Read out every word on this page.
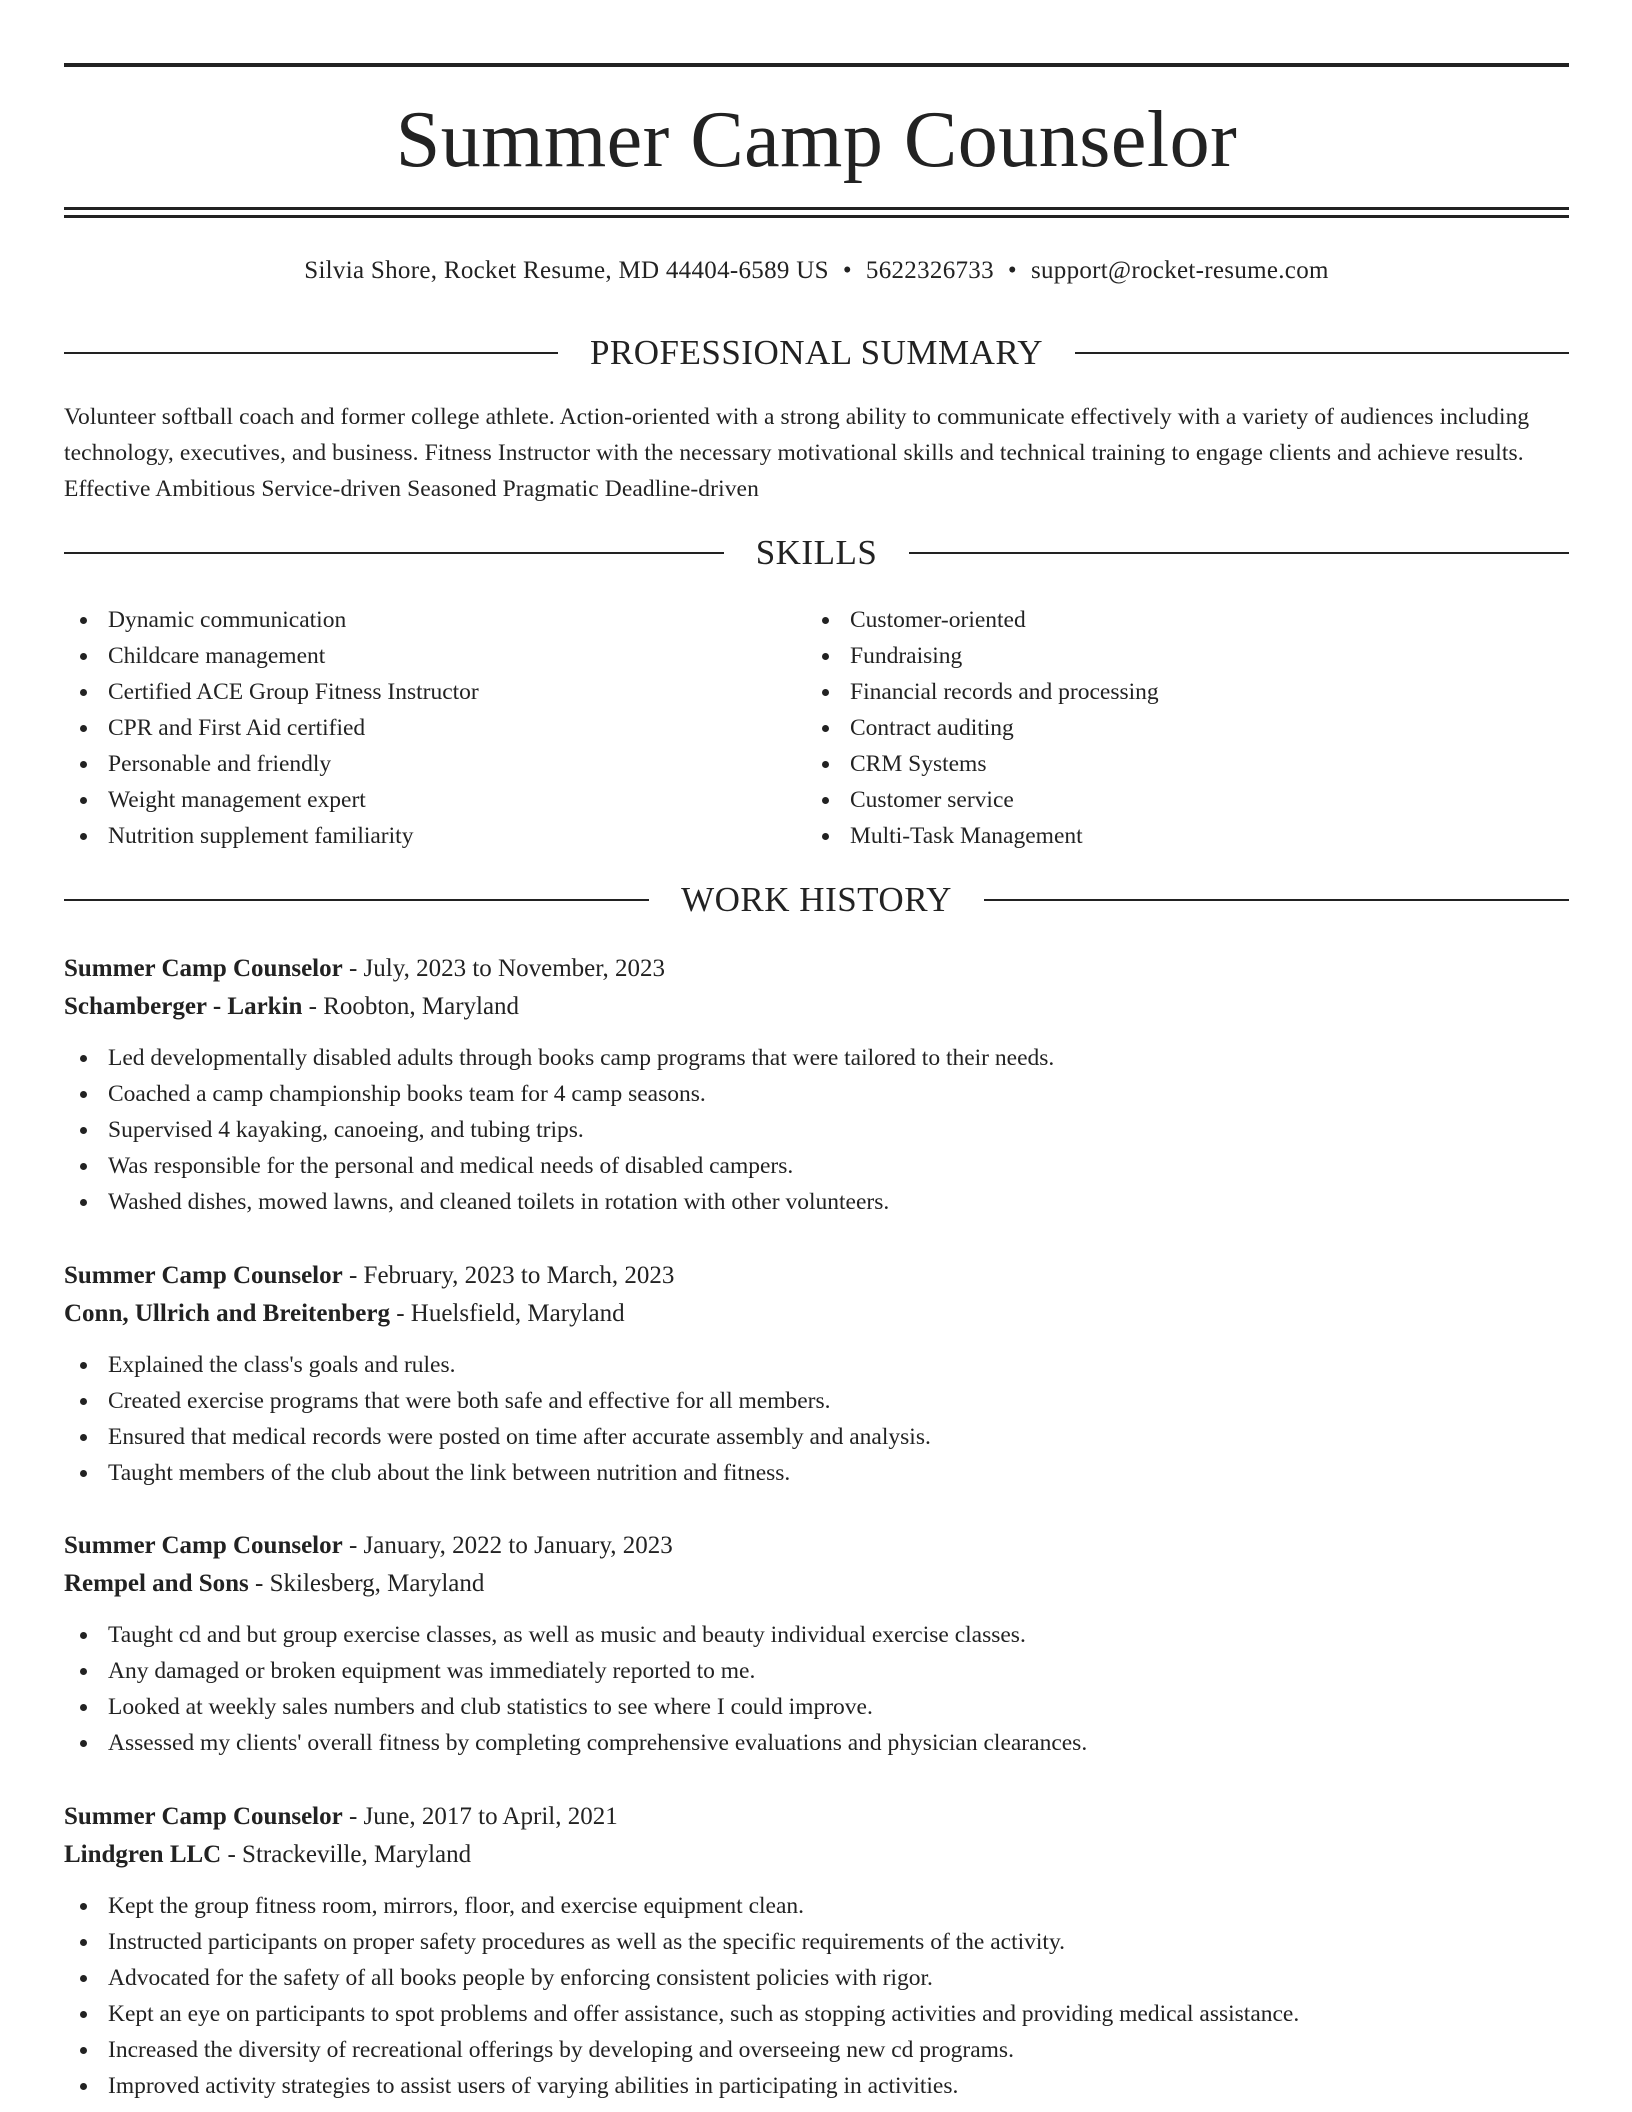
Summer Camp Counselor
Silvia Shore, Rocket Resume, MD 44404-6589 US • 5622326733 • support@rocket-resume.com
PROFESSIONAL SUMMARY
Volunteer softball coach and former college athlete. Action-oriented with a strong ability to communicate effectively with a variety of audiences including technology, executives, and business. Fitness Instructor with the necessary motivational skills and technical training to engage clients and achieve results. Effective Ambitious Service-driven Seasoned Pragmatic Deadline-driven
SKILLS
Dynamic communication
Childcare management
Certified ACE Group Fitness Instructor
CPR and First Aid certified
Personable and friendly
Weight management expert
Nutrition supplement familiarity
Customer-oriented
Fundraising
Financial records and processing
Contract auditing
CRM Systems
Customer service
Multi-Task Management
WORK HISTORY
Summer Camp Counselor - July, 2023 to November, 2023
Schamberger - Larkin - Roobton, Maryland
Led developmentally disabled adults through books camp programs that were tailored to their needs.
Coached a camp championship books team for 4 camp seasons.
Supervised 4 kayaking, canoeing, and tubing trips.
Was responsible for the personal and medical needs of disabled campers.
Washed dishes, mowed lawns, and cleaned toilets in rotation with other volunteers.
Summer Camp Counselor - February, 2023 to March, 2023
Conn, Ullrich and Breitenberg - Huelsfield, Maryland
Explained the class's goals and rules.
Created exercise programs that were both safe and effective for all members.
Ensured that medical records were posted on time after accurate assembly and analysis.
Taught members of the club about the link between nutrition and fitness.
Summer Camp Counselor - January, 2022 to January, 2023
Rempel and Sons - Skilesberg, Maryland
Taught cd and but group exercise classes, as well as music and beauty individual exercise classes.
Any damaged or broken equipment was immediately reported to me.
Looked at weekly sales numbers and club statistics to see where I could improve.
Assessed my clients' overall fitness by completing comprehensive evaluations and physician clearances.
Summer Camp Counselor - June, 2017 to April, 2021
Lindgren LLC - Strackeville, Maryland
Kept the group fitness room, mirrors, floor, and exercise equipment clean.
Instructed participants on proper safety procedures as well as the specific requirements of the activity.
Advocated for the safety of all books people by enforcing consistent policies with rigor.
Kept an eye on participants to spot problems and offer assistance, such as stopping activities and providing medical assistance.
Increased the diversity of recreational offerings by developing and overseeing new cd programs.
Improved activity strategies to assist users of varying abilities in participating in activities.
